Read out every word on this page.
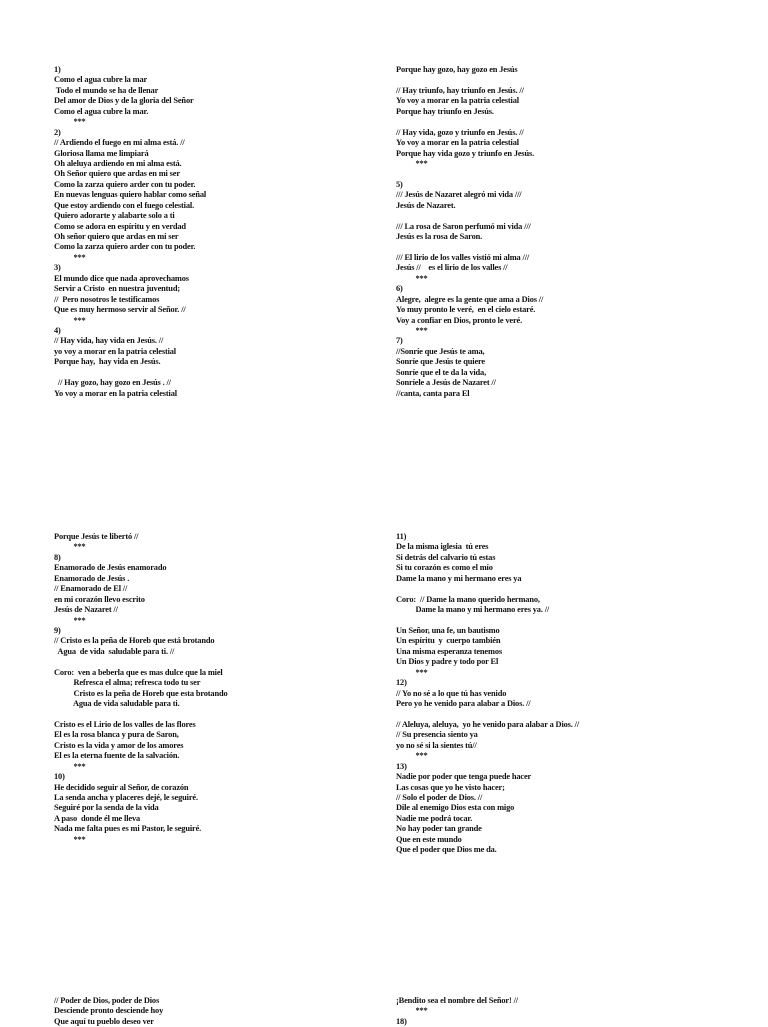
1)
Como el agua cubre la mar
Todo el mundo se ha de llenar
Del amor de Dios y de la gloria del Señor
Como el agua cubre la mar.
***
2)
// Ardiendo el fuego en mi alma está. //
Gloriosa llama me limpiará
Oh aleluya ardiendo en mi alma está.
Oh Señor quiero que ardas en mi ser
Como la zarza quiero arder con tu poder.
En nuevas lenguas quiero hablar como señal
Que estoy ardiendo con el fuego celestial.
Quiero adorarte y alabarte solo a ti
Como se adora en espíritu y en verdad
Oh señor quiero que ardas en mi ser
Como la zarza quiero arder con tu poder.
***
3)
El mundo dice que nada aprovechamos
Servir a Cristo  en nuestra juventud;
//  Pero nosotros le testificamos
Que es muy hermoso servir al Señor. //
***
4)
// Hay vida, hay vida en Jesús. //
yo voy a morar en la patria celestial
Porque hay,  hay vida en Jesús.
// Hay gozo, hay gozo en Jesús . //
Yo voy a morar en la patria celestial
Porque hay gozo, hay gozo en Jesús
// Hay triunfo, hay triunfo en Jesús. //
Yo voy a morar en la patria celestial
Porque hay triunfo en Jesús.
// Hay vida, gozo y triunfo en Jesús. //
Yo voy a morar en la patria celestial
Porque hay vida gozo y triunfo en Jesús.
***
5)
/// Jesús de Nazaret alegró mi vida ///
Jesús de Nazaret.
/// La rosa de Saron perfumó mi vida ///
Jesús es la rosa de Saron.
/// El lirio de los valles vistió mi alma ///
Jesús //    es el lirio de los valles //
***
6)
Alegre,  alegre es la gente que ama a Dios //
Yo muy pronto le veré,  en el cielo estaré.
Voy a confiar en Dios, pronto le veré.
***
7)
//Sonríe que Jesús te ama,
Sonríe que Jesús te quiere
Sonríe que el te da la vida,
Sonríele a Jesús de Nazaret //
//canta, canta para El
Porque Jesús te libertó //
***
8)
Enamorado de Jesús enamorado
Enamorado de Jesús .
// Enamorado de El //
en mi corazón llevo escrito
Jesús de Nazaret //
***
9)
// Cristo es la peña de Horeb que está brotando
Agua  de vida  saludable para ti. //
Coro:  ven a beberla que es mas dulce que la miel
Refresca el alma; refresca todo tu ser
Cristo es la peña de Horeb que esta brotando
Agua de vida saludable para ti.
Cristo es el Lirio de los valles de las flores
El es la rosa blanca y pura de Saron,
Cristo es la vida y amor de los amores
El es la eterna fuente de la salvación.
***
10)
He decidido seguir al Señor, de corazón
La senda ancha y placeres dejé, le seguiré.
Seguiré por la senda de la vida
A paso  donde él me lleva
Nada me falta pues es mi Pastor, le seguiré.
***
11)
De la misma iglesia  tú eres
Si detrás del calvario tú estas
Si tu corazón es como el mío
Dame la mano y mi hermano eres ya
Coro:  // Dame la mano querido hermano,
Dame la mano y mi hermano eres ya. //
Un Señor, una fe, un bautismo
Un espíritu  y  cuerpo también
Una misma esperanza tenemos
Un Dios y padre y todo por El
***
12)
// Yo no sé a lo que tú has venido
Pero yo he venido para alabar a Dios. //
// Aleluya, aleluya,  yo he venido para alabar a Dios. //
// Su presencia siento ya
yo no sé si la sientes tú//
***
13)
Nadie por poder que tenga puede hacer
Las cosas que yo he visto hacer;
// Solo el poder de Dios. //
Dile al enemigo Dios esta con migo
Nadie me podrá tocar.
No hay poder tan grande
Que en este mundo
Que el poder que Dios me da.
// Poder de Dios, poder de Dios
Desciende pronto desciende hoy
Que aquí tu pueblo deseo ver
¡Bendito sea el nombre del Señor! //
***
18)
